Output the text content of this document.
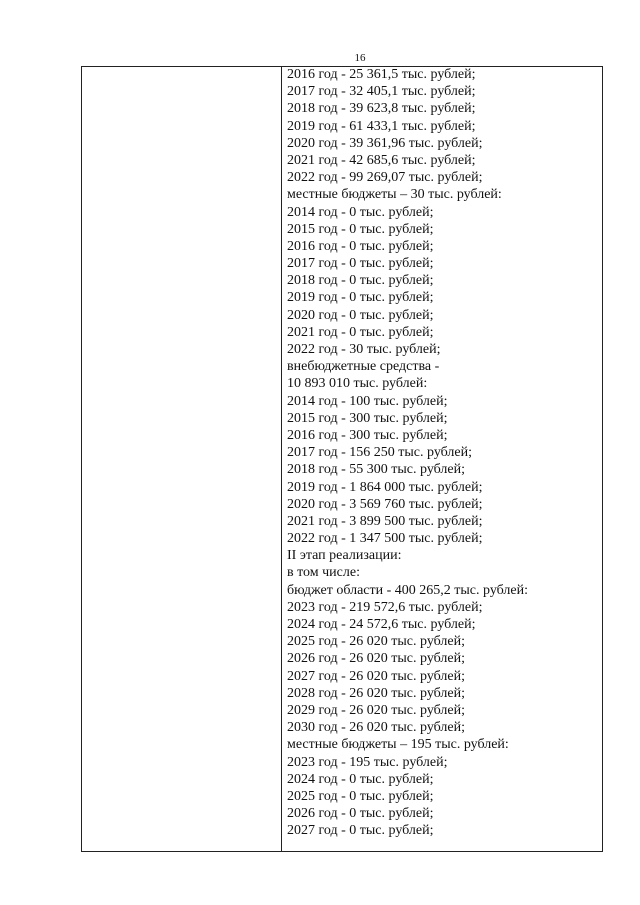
16
2016 год - 25 361,5 тыс. рублей;
2017 год - 32 405,1 тыс. рублей;
2018 год - 39 623,8 тыс. рублей;
2019 год - 61 433,1 тыс. рублей;
2020 год - 39 361,96 тыс. рублей;
2021 год - 42 685,6 тыс. рублей;
2022 год - 99 269,07 тыс. рублей;
местные бюджеты – 30 тыс. рублей:
2014 год - 0 тыс. рублей;
2015 год - 0 тыс. рублей;
2016 год - 0 тыс. рублей;
2017 год - 0 тыс. рублей;
2018 год - 0 тыс. рублей;
2019 год - 0 тыс. рублей;
2020 год - 0 тыс. рублей;
2021 год - 0 тыс. рублей;
2022 год - 30 тыс. рублей;
внебюджетные средства -
10 893 010 тыс. рублей:
2014 год - 100 тыс. рублей;
2015 год - 300 тыс. рублей;
2016 год - 300 тыс. рублей;
2017 год - 156 250 тыс. рублей;
2018 год - 55 300 тыс. рублей;
2019 год - 1 864 000 тыс. рублей;
2020 год - 3 569 760 тыс. рублей;
2021 год - 3 899 500 тыс. рублей;
2022 год - 1 347 500 тыс. рублей;
II этап реализации:
в том числе:
бюджет области - 400 265,2 тыс. рублей:
2023 год - 219 572,6 тыс. рублей;
2024 год - 24 572,6 тыс. рублей;
2025 год - 26 020 тыс. рублей;
2026 год - 26 020 тыс. рублей;
2027 год - 26 020 тыс. рублей;
2028 год - 26 020 тыс. рублей;
2029 год - 26 020 тыс. рублей;
2030 год - 26 020 тыс. рублей;
местные бюджеты – 195 тыс. рублей:
2023 год - 195 тыс. рублей;
2024 год - 0 тыс. рублей;
2025 год - 0 тыс. рублей;
2026 год - 0 тыс. рублей;
2027 год - 0 тыс. рублей;
